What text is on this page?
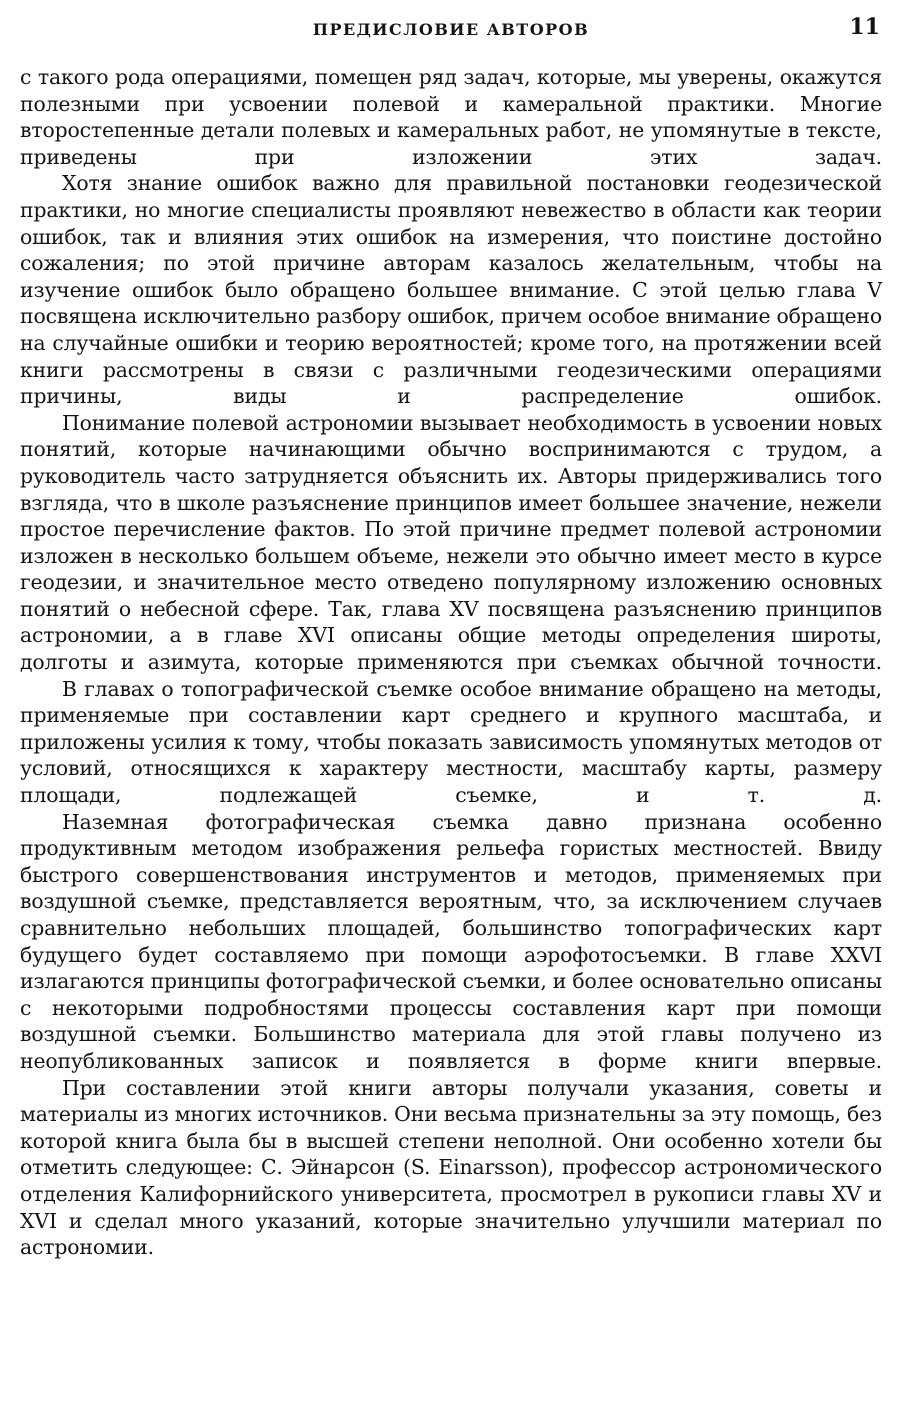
ПРЕДИСЛОВИЕ АВТОРОВ	11

с такого рода операциями, помещен ряд задач, которые, мы уверены, окажутся полезными при усвоении полевой и камеральной практики. Многие второстепенные детали полевых и камеральных работ, не упомянутые в тексте, приведены при изложении этих задач.

Хотя знание ошибок важно для правильной постановки геодезической практики, но многие специалисты проявляют невежество в области как теории ошибок, так и влияния этих ошибок на измерения, что поистине достойно сожаления; по этой причине авторам казалось желательным, чтобы на изучение ошибок было обращено большее внимание. С этой целью глава V посвящена исключительно разбору ошибок, причем особое внимание обращено на случайные ошибки и теорию вероятностей; кроме того, на протяжении всей книги рассмотрены в связи с различными геодезическими операциями причины, виды и распределение ошибок.

Понимание полевой астрономии вызывает необходимость в усвоении новых понятий, которые начинающими обычно воспринимаются с трудом, а руководитель часто затрудняется объяснить их. Авторы придерживались того взгляда, что в школе разъяснение принципов имеет большее значение, нежели простое перечисление фактов. По этой причине предмет полевой астрономии изложен в несколько большем объеме, нежели это обычно имеет место в курсе геодезии, и значительное место отведено популярному изложению основных понятий о небесной сфере. Так, глава XV посвящена разъяснению принципов астрономии, а в главе XVI описаны общие методы определения широты, долготы и азимута, которые применяются при съемках обычной точности.

В главах о топографической съемке особое внимание обращено на методы, применяемые при составлении карт среднего и крупного масштаба, и приложены усилия к тому, чтобы показать зависимость упомянутых методов от условий, относящихся к характеру местности, масштабу карты, размеру площади, подлежащей съемке, и т. д.

Наземная фотографическая съемка давно признана особенно продуктивным методом изображения рельефа гористых местностей. Ввиду быстрого совершенствования инструментов и методов, применяемых при воздушной съемке, представляется вероятным, что, за исключением случаев сравнительно небольших площадей, большинство топографических карт будущего будет составляемо при помощи аэрофотосъемки. В главе XXVI излагаются принципы фотографической съемки, и более основательно описаны с некоторыми подробностями процессы составления карт при помощи воздушной съемки. Большинство материала для этой главы получено из неопубликованных записок и появляется в форме книги впервые.

При составлении этой книги авторы получали указания, советы и материалы из многих источников. Они весьма признательны за эту помощь, без которой книга была бы в высшей степени неполной. Они особенно хотели бы отметить следующее: С. Эйнарсон (S. Einarsson), профессор астрономического отделения Калифорнийского университета, просмотрел в рукописи главы XV и XVI и сделал много указаний, которые значительно улучшили материал по астрономии.
